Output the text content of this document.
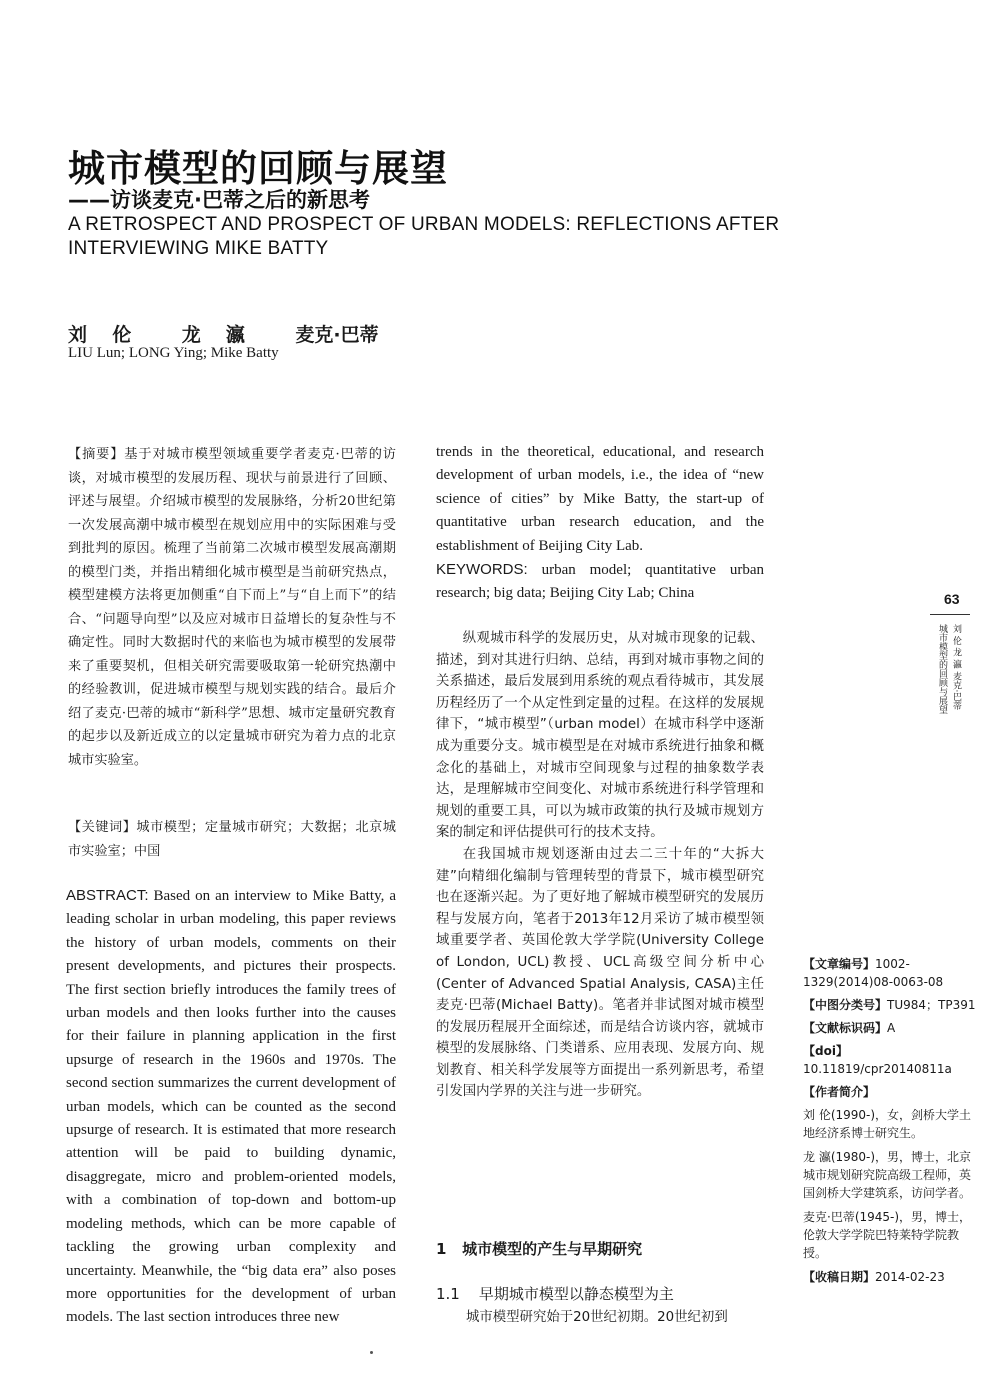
城市模型的回顾与展望
——访谈麦克·巴蒂之后的新思考
A RETROSPECT AND PROSPECT OF URBAN MODELS: REFLECTIONS AFTER INTERVIEWING MIKE BATTY
刘  伦    龙  瀛    麦克·巴蒂
LIU Lun; LONG Ying; Mike Batty
【摘要】基于对城市模型领域重要学者麦克·巴蒂的访谈，对城市模型的发展历程、现状与前景进行了回顾、评述与展望。介绍城市模型的发展脉络，分析20世纪第一次发展高潮中城市模型在规划应用中的实际困难与受到批判的原因。梳理了当前第二次城市模型发展高潮期的模型门类，并指出精细化城市模型是当前研究热点，模型建模方法将更加侧重“自下而上”与“自上而下”的结合、“问题导向型”以及应对城市日益增长的复杂性与不确定性。同时大数据时代的来临也为城市模型的发展带来了重要契机，但相关研究需要吸取第一轮研究热潮中的经验教训，促进城市模型与规划实践的结合。最后介绍了麦克·巴蒂的城市“新科学”思想、城市定量研究教育的起步以及新近成立的以定量城市研究为着力点的北京城市实验室。
【关键词】城市模型；定量城市研究；大数据；北京城市实验室；中国
ABSTRACT: Based on an interview to Mike Batty, a leading scholar in urban modeling, this paper reviews the history of urban models, comments on their present developments, and pictures their prospects. The first section briefly introduces the family trees of urban models and then looks further into the causes for their failure in planning application in the first upsurge of research in the 1960s and 1970s. The second section summarizes the current development of urban models, which can be counted as the second upsurge of research. It is estimated that more research attention will be paid to building dynamic, disaggregate, micro and problem-oriented models, with a combination of top-down and bottom-up modeling methods, which can be more capable of tackling the growing urban complexity and uncertainty. Meanwhile, the “big data era” also poses more opportunities for the development of urban models. The last section introduces three new
trends in the theoretical, educational, and research development of urban models, i.e., the idea of “new science of cities” by Mike Batty, the start-up of quantitative urban research education, and the establishment of Beijing City Lab.
KEYWORDS: urban model; quantitative urban research; big data; Beijing City Lab; China

纵观城市科学的发展历史，从对城市现象的记载、描述，到对其进行归纳、总结，再到对城市事物之间的关系描述，最后发展到用系统的观点看待城市，其发展历程经历了一个从定性到定量的过程。在这样的发展规律下，“城市模型”（urban model）在城市科学中逐渐成为重要分支。城市模型是在对城市系统进行抽象和概念化的基础上，对城市空间现象与过程的抽象数学表达，是理解城市空间变化、对城市系统进行科学管理和规划的重要工具，可以为城市政策的执行及城市规划方案的制定和评估提供可行的技术支持。

在我国城市规划逐渐由过去二三十年的“大拆大建”向精细化编制与管理转型的背景下，城市模型研究也在逐渐兴起。为了更好地了解城市模型研究的发展历程与发展方向，笔者于2013年12月采访了城市模型领域重要学者、英国伦敦大学学院(University College of London, UCL)教授、UCL高级空间分析中心(Center of Advanced Spatial Analysis, CASA)主任麦克·巴蒂(Michael Batty)。笔者并非试图对城市模型的发展历程展开全面综述，而是结合访谈内容，就城市模型的发展脉络、门类谱系、应用表现、发展方向、规划教育、相关科学发展等方面提出一系列新思考，希望引发国内学界的关注与进一步研究。

1   城市模型的产生与早期研究
1.1    早期城市模型以静态模型为主
城市模型研究始于20世纪初期。20世纪初到
63
刘 伦 龙 瀛 麦克·巴蒂
城市模型的回顾与展望
【文章编号】1002-1329(2014)08-0063-08
【中图分类号】TU984；TP391
【文献标识码】A
【doi】10.11819/cpr20140811a
【作者简介】
刘 伦(1990-)，女，剑桥大学土地经济系博士研究生。
龙 瀛(1980-)，男，博士，北京城市规划研究院高级工程师，英国剑桥大学建筑系，访问学者。
麦克·巴蒂(1945-)，男，博士，伦敦大学学院巴特莱特学院教授。
【收稿日期】2014-02-23
